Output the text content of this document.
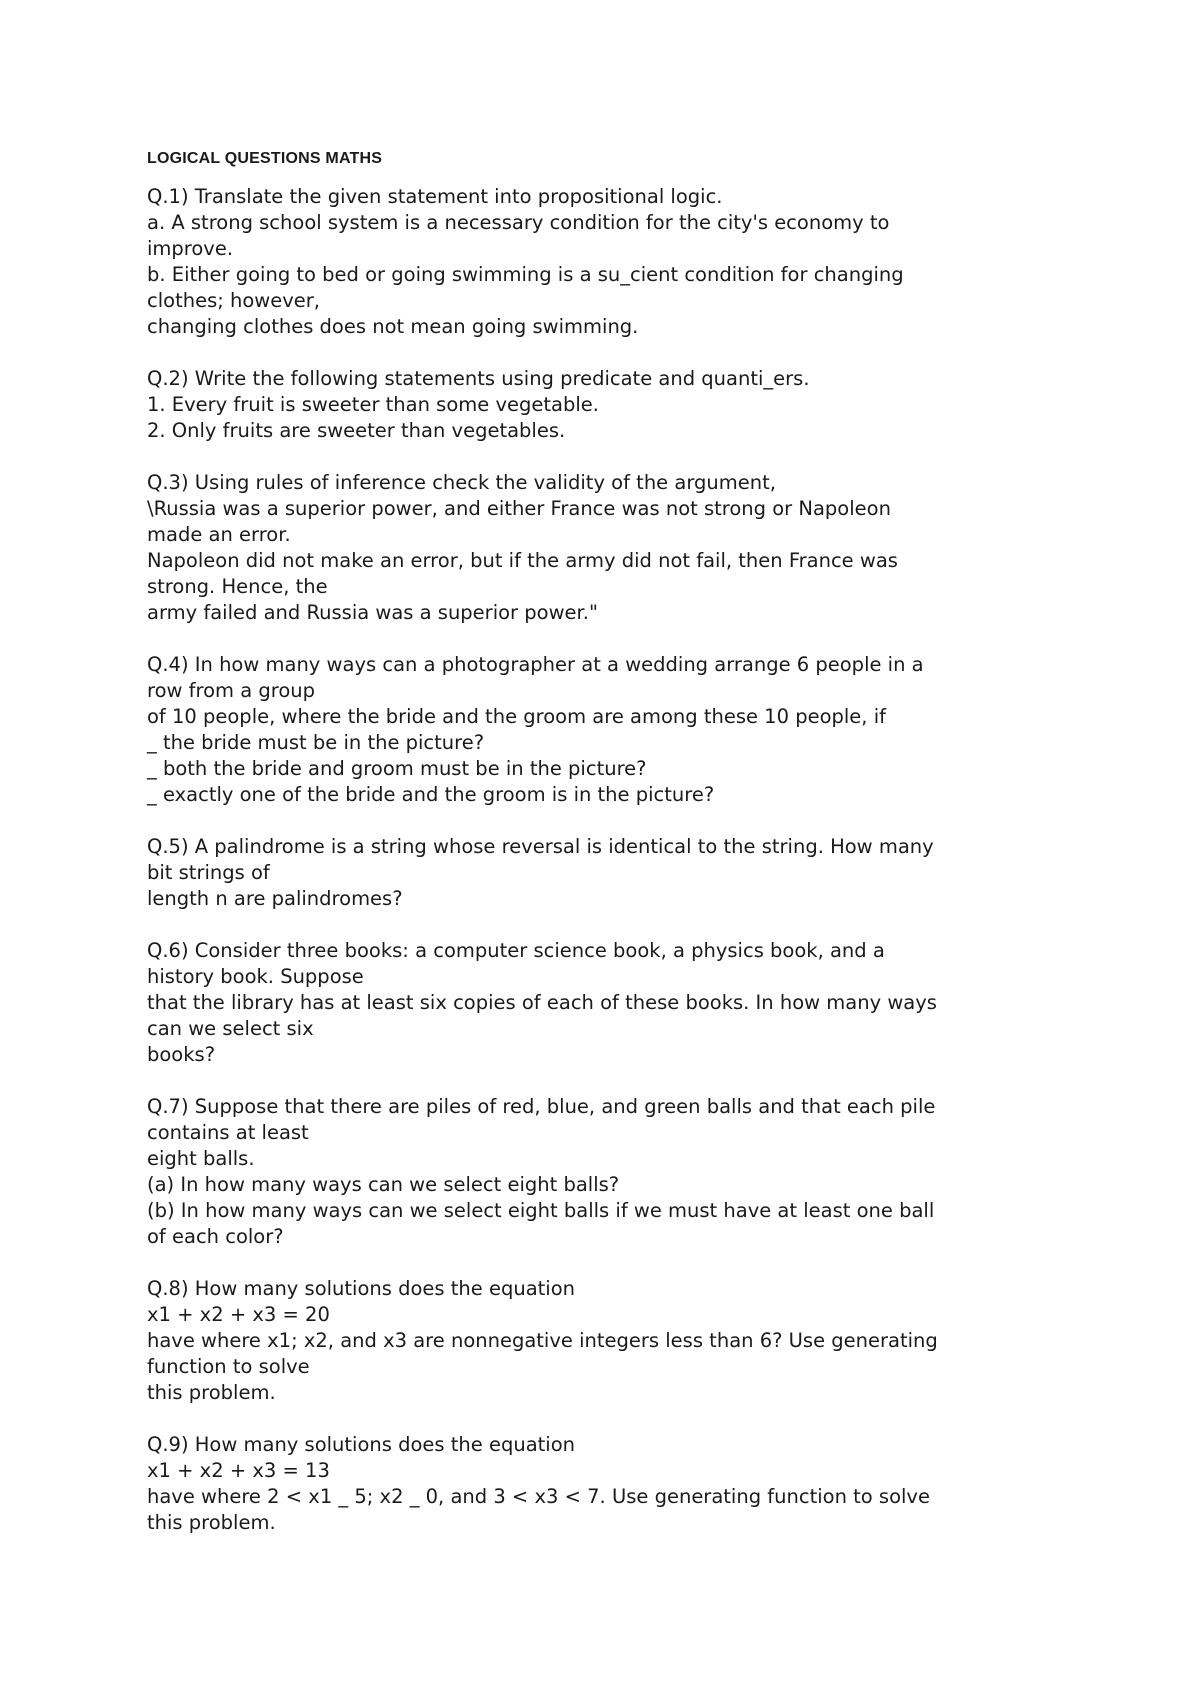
LOGICAL QUESTIONS MATHS
Q.1) Translate the given statement into propositional logic.
a. A strong school system is a necessary condition for the city's economy to
improve.
b. Either going to bed or going swimming is a su_cient condition for changing
clothes; however,
changing clothes does not mean going swimming.
Q.2) Write the following statements using predicate and quanti_ers.
1. Every fruit is sweeter than some vegetable.
2. Only fruits are sweeter than vegetables.
Q.3) Using rules of inference check the validity of the argument,
\Russia was a superior power, and either France was not strong or Napoleon
made an error.
Napoleon did not make an error, but if the army did not fail, then France was
strong. Hence, the
army failed and Russia was a superior power."
Q.4) In how many ways can a photographer at a wedding arrange 6 people in a
row from a group
of 10 people, where the bride and the groom are among these 10 people, if
_ the bride must be in the picture?
_ both the bride and groom must be in the picture?
_ exactly one of the bride and the groom is in the picture?
Q.5) A palindrome is a string whose reversal is identical to the string. How many
bit strings of
length n are palindromes?
Q.6) Consider three books: a computer science book, a physics book, and a
history book. Suppose
that the library has at least six copies of each of these books. In how many ways
can we select six
books?
Q.7) Suppose that there are piles of red, blue, and green balls and that each pile
contains at least
eight balls.
(a) In how many ways can we select eight balls?
(b) In how many ways can we select eight balls if we must have at least one ball
of each color?
Q.8) How many solutions does the equation
x1 + x2 + x3 = 20
have where x1; x2, and x3 are nonnegative integers less than 6? Use generating
function to solve
this problem.
Q.9) How many solutions does the equation
x1 + x2 + x3 = 13
have where 2 < x1 _ 5; x2 _ 0, and 3 < x3 < 7. Use generating function to solve
this problem.
